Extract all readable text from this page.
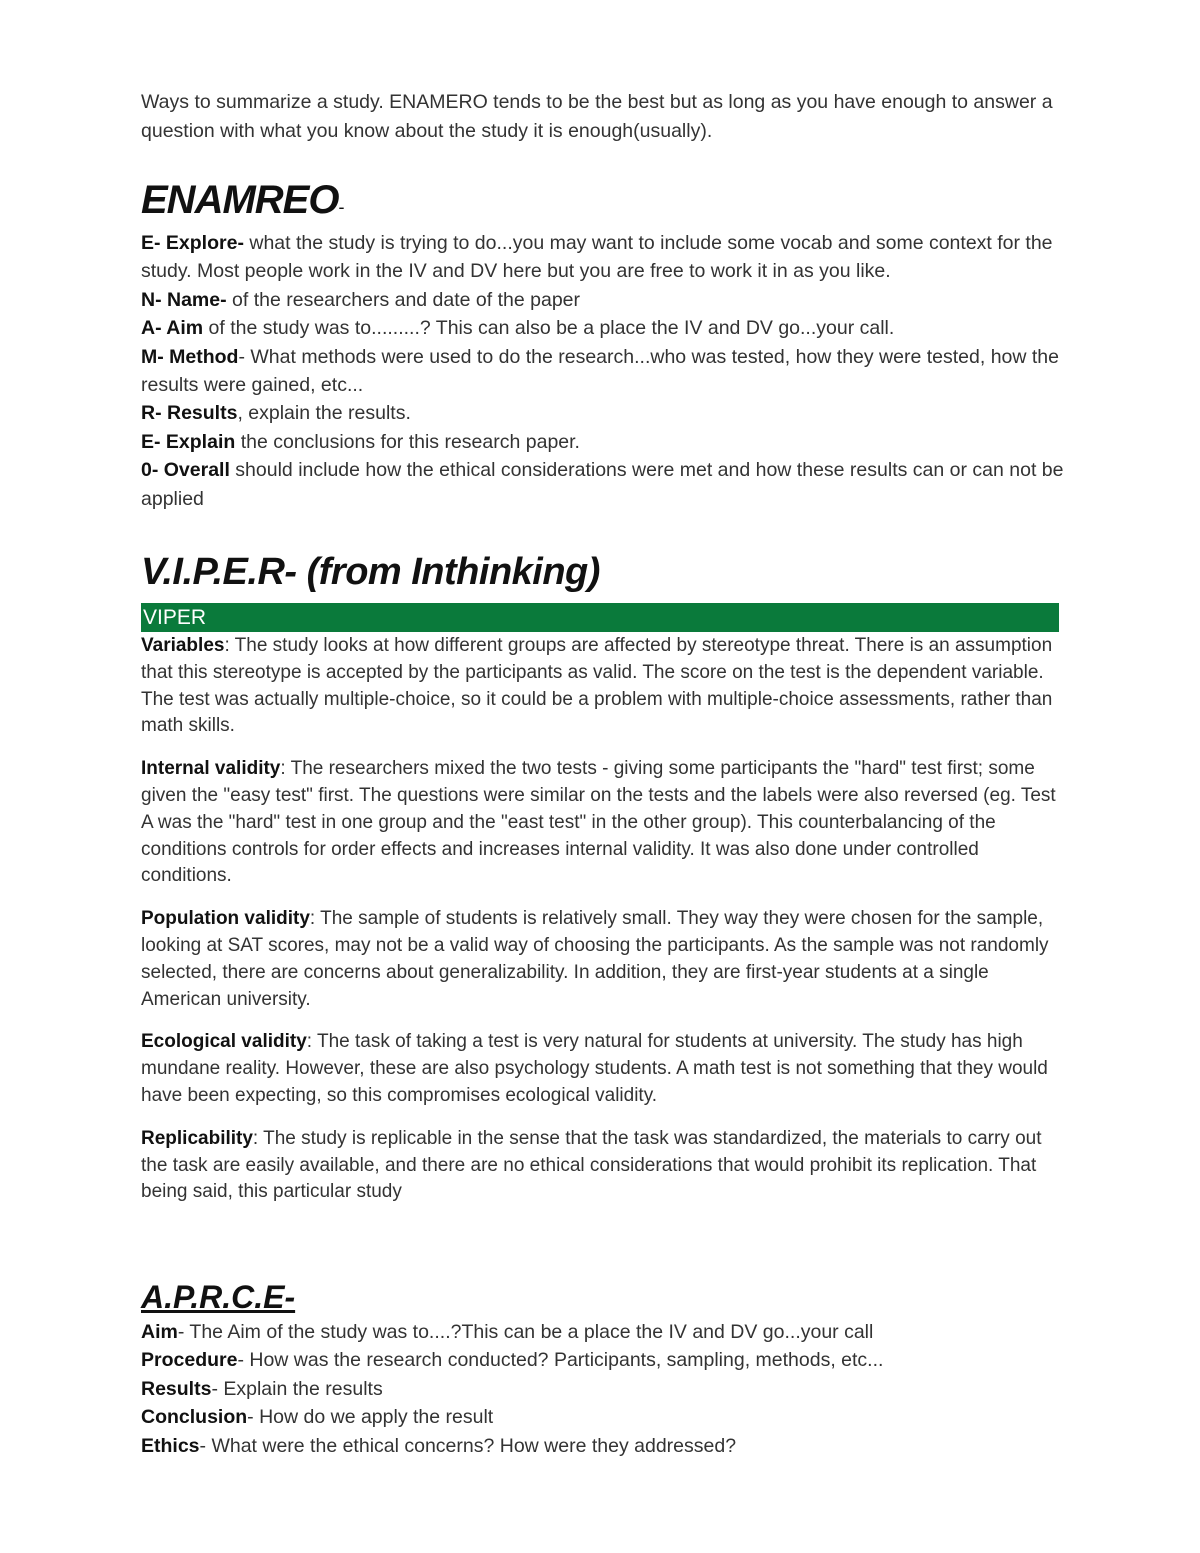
Ways to summarize a study. ENAMERO tends to be the best but as long as you have enough to answer a question with what you know about the study it is enough(usually).
ENAMREO-

E- Explore- what the study is trying to do...you may want to include some vocab and some context for the study. Most people work in the IV and DV here but you are free to work it in as you like.

N- Name- of the researchers and date of the paper

A- Aim of the study was to.........? This can also be a place the IV and DV go...your call.

M- Method- What methods were used to do the research...who was tested, how they were tested, how the results were gained, etc...

R- Results, explain the results.

E- Explain the conclusions for this research paper.

0- Overall should include how the ethical considerations were met and how these results can or can not be applied

V.I.P.E.R- (from Inthinking)
VIPER

Variables: The study looks at how different groups are affected by stereotype threat. There is an assumption that this stereotype is accepted by the participants as valid. The score on the test is the dependent variable. The test was actually multiple-choice, so it could be a problem with multiple-choice assessments, rather than math skills.

Internal validity: The researchers mixed the two tests - giving some participants the "hard" test first; some given the "easy test" first. The questions were similar on the tests and the labels were also reversed (eg. Test A was the "hard" test in one group and the "east test" in the other group). This counterbalancing of the conditions controls for order effects and increases internal validity. It was also done under controlled conditions.

Population validity: The sample of students is relatively small. They way they were chosen for the sample, looking at SAT scores, may not be a valid way of choosing the participants. As the sample was not randomly selected, there are concerns about generalizability. In addition, they are first-year students at a single American university.

Ecological validity: The task of taking a test is very natural for students at university. The study has high mundane reality. However, these are also psychology students. A math test is not something that they would have been expecting, so this compromises ecological validity.

Replicability: The study is replicable in the sense that the task was standardized, the materials to carry out the task are easily available, and there are no ethical considerations that would prohibit its replication. That being said, this particular study

A.P.R.C.E-

Aim- The Aim of the study was to....?This can be a place the IV and DV go...your call

Procedure- How was the research conducted? Participants, sampling, methods, etc...

Results- Explain the results

Conclusion- How do we apply the result

Ethics- What were the ethical concerns? How were they addressed?
